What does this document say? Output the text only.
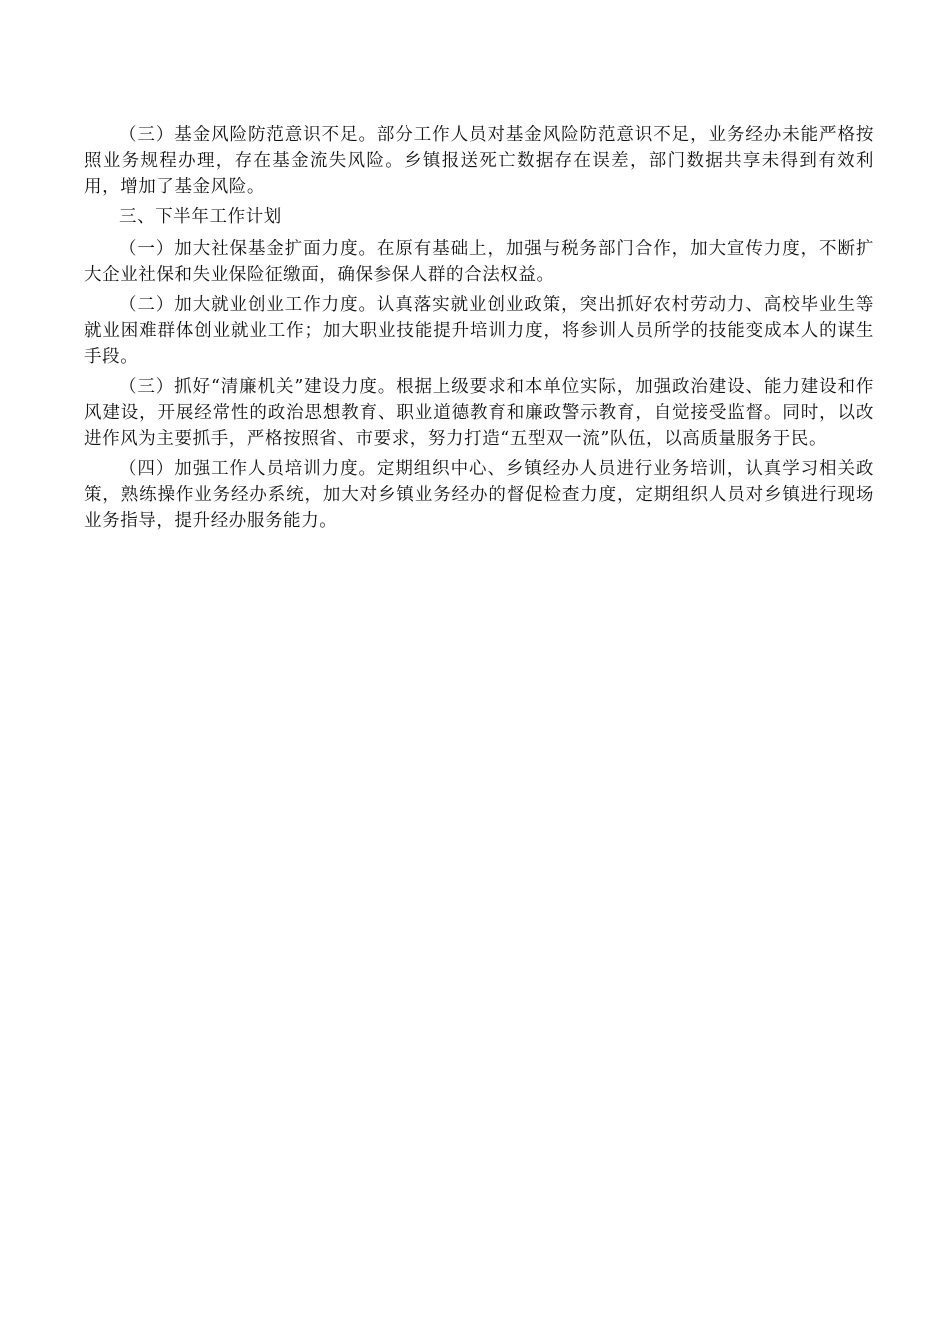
（三）基金风险防范意识不足。部分工作人员对基金风险防范意识不足，业务经办未能严格按照业务规程办理，存在基金流失风险。乡镇报送死亡数据存在误差，部门数据共享未得到有效利用，增加了基金风险。

三、下半年工作计划

（一）加大社保基金扩面力度。在原有基础上，加强与税务部门合作，加大宣传力度，不断扩大企业社保和失业保险征缴面，确保参保人群的合法权益。

（二）加大就业创业工作力度。认真落实就业创业政策，突出抓好农村劳动力、高校毕业生等就业困难群体创业就业工作；加大职业技能提升培训力度，将参训人员所学的技能变成本人的谋生手段。

（三）抓好“清廉机关”建设力度。根据上级要求和本单位实际，加强政治建设、能力建设和作风建设，开展经常性的政治思想教育、职业道德教育和廉政警示教育，自觉接受监督。同时，以改进作风为主要抓手，严格按照省、市要求，努力打造“五型双一流”队伍，以高质量服务于民。

（四）加强工作人员培训力度。定期组织中心、乡镇经办人员进行业务培训，认真学习相关政策，熟练操作业务经办系统，加大对乡镇业务经办的督促检查力度，定期组织人员对乡镇进行现场业务指导，提升经办服务能力。
